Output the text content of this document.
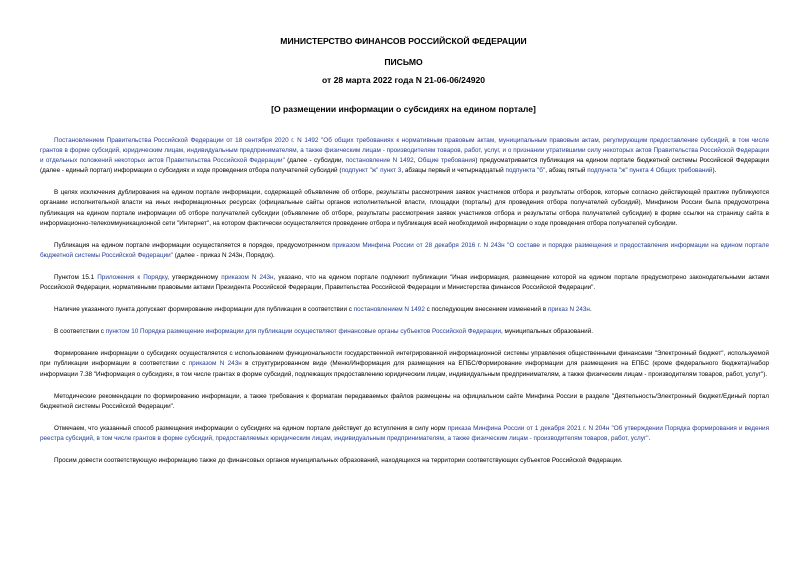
МИНИСТЕРСТВО ФИНАНСОВ РОССИЙСКОЙ ФЕДЕРАЦИИ
ПИСЬМО
от 28 марта 2022 года N 21-06-06/24920
[О размещении информации о субсидиях на едином портале]

Постановлением Правительства Российской Федерации от 18 сентября 2020 г. N 1492 "Об общих требованиях к нормативным правовым актам, муниципальным правовым актам, регулирующим предоставление субсидий, в том числе грантов в форме субсидий, юридическим лицам, индивидуальным предпринимателям, а также физическим лицам - производителям товаров, работ, услуг, и о признании утратившими силу некоторых актов Правительства Российской Федерации и отдельных положений некоторых актов Правительства Российской Федерации" (далее - субсидии, постановление N 1492, Общие требования) предусматривается публикация на едином портале бюджетной системы Российской Федерации (далее - единый портал) информации о субсидиях и ходе проведения отбора получателей субсидий (подпункт "ж" пункт 3, абзацы первый и четырнадцатый подпункта "б", абзац пятый подпункта "ж" пункта 4 Общих требований).

В целях исключения дублирования на едином портале информации, содержащей объявление об отборе, результаты рассмотрения заявок участников отбора и результаты отборов, которые согласно действующей практике публикуются органами исполнительной власти на иных информационных ресурсах (официальные сайты органов исполнительной власти, площадки (порталы) для проведения отбора получателей субсидий), Минфином России была предусмотрена публикация на едином портале информации об отборе получателей субсидии (объявление об отборе, результаты рассмотрения заявок участников отбора и результаты отбора получателей субсидии) в форме ссылки на страницу сайта в информационно-телекоммуникационной сети "Интернет", на котором фактически осуществляется проведение отбора и публикация всей необходимой информации о ходе проведения отбора получателей субсидии.

Публикация на едином портале информации осуществляется в порядке, предусмотренном приказом Минфина России от 28 декабря 2016 г. N 243н "О составе и порядке размещения и предоставления информации на едином портале бюджетной системы Российской Федерации" (далее - приказ N 243н, Порядок).

Пунктом 15.1 Приложения к Порядку, утвержденному приказом N 243н, указано, что на едином портале подлежит публикации "Иная информация, размещение которой на едином портале предусмотрено законодательными актами Российской Федерации, нормативными правовыми актами Президента Российской Федерации, Правительства Российской Федерации и Министерства финансов Российской Федерации".

Наличие указанного пункта допускает формирование информации для публикации в соответствии с постановлением N 1492 с последующим внесением изменений в приказ N 243н.

В соответствии с пунктом 10 Порядка размещение информации для публикации осуществляют финансовые органы субъектов Российской Федерации, муниципальных образований.

Формирование информации о субсидиях осуществляется с использованием функциональности государственной интегрированной информационной системы управления общественными финансами "Электронный бюджет", используемой при публикации информации в соответствии с приказом N 243н в структурированном виде (Меню/Информация для размещения на ЕПБС/Формирование информации для размещения на ЕПБС (кроме федерального бюджета)/набор информации 7.38 "Информация о субсидиях, в том числе грантах в форме субсидий, подлежащих предоставлению юридическим лицам, индивидуальным предпринимателям, а также физическим лицам - производителям товаров, работ, услуг").

Методические рекомендации по формированию информации, а также требования к форматам передаваемых файлов размещены на официальном сайте Минфина России в разделе "Деятельность/Электронный бюджет/Единый портал бюджетной системы Российской Федерации".

Отмечаем, что указанный способ размещения информации о субсидиях на едином портале действует до вступления в силу норм приказа Минфина России от 1 декабря 2021 г. N 204н "Об утверждении Порядка формирования и ведения реестра субсидий, в том числе грантов в форме субсидий, предоставляемых юридическим лицам, индивидуальным предпринимателям, а также физическим лицам - производителям товаров, работ, услуг".

Просим довести соответствующую информацию также до финансовых органов муниципальных образований, находящихся на территории соответствующих субъектов Российской Федерации.
